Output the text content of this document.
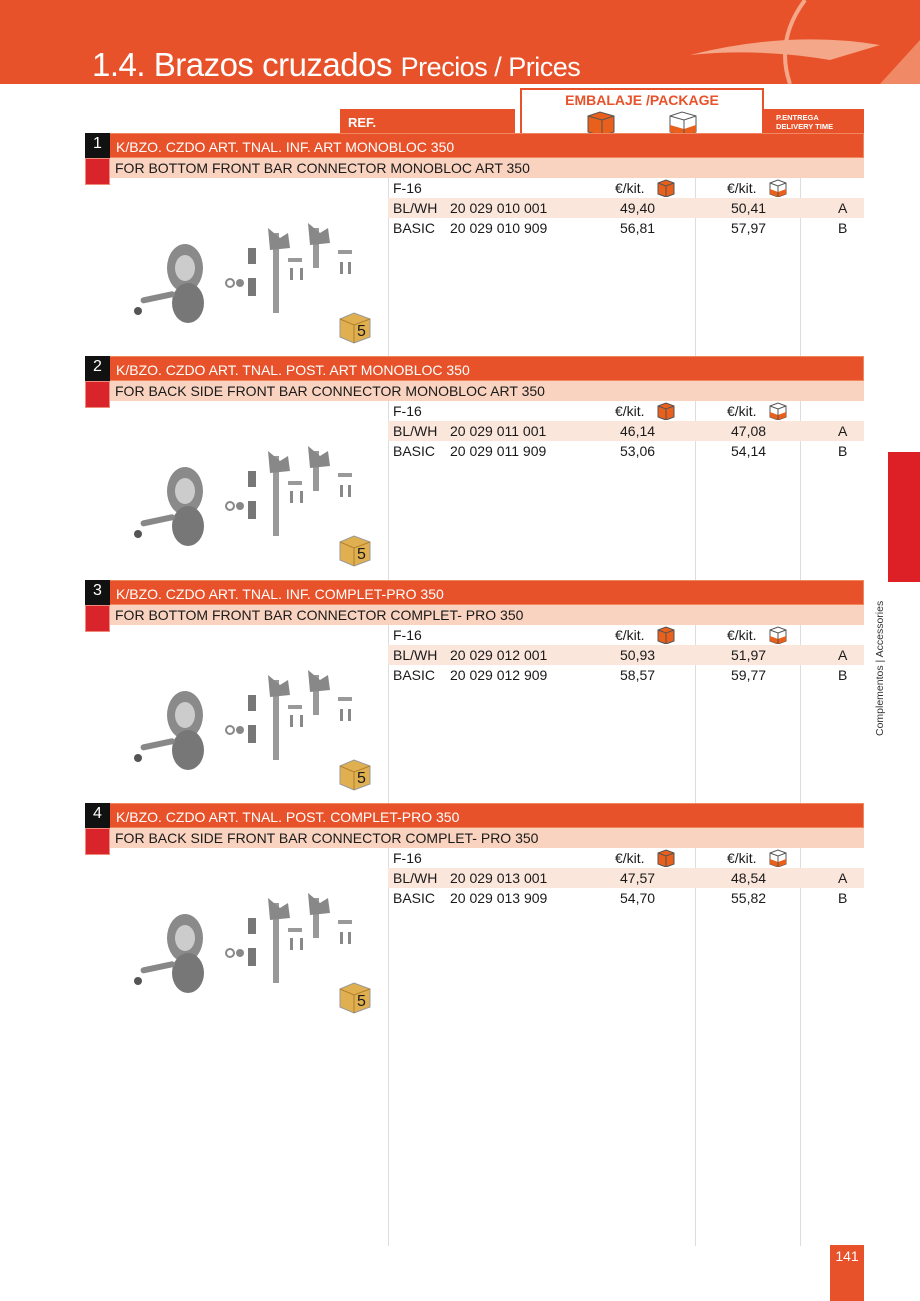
1.4. Brazos cruzados Precios / Prices
REF.
EMBALAJE /PACKAGE
P.ENTREGA
DELIVERY TIME
K/BZO. CZDO ART. TNAL. INF. ART MONOBLOC 350
1
FOR BOTTOM FRONT BAR CONNECTOR MONOBLOC ART 350
F-16	€/kit.	€/kit.
BL/WH 20 029 010 001	49,40	50,41	A
BASIC 20 029 010 909	56,81	57,97	B
5
K/BZO. CZDO ART. TNAL. POST. ART MONOBLOC 350
2
FOR BACK SIDE FRONT BAR CONNECTOR MONOBLOC ART 350
F-16	€/kit.	€/kit.
BL/WH 20 029 011 001	46,14	47,08	A
BASIC 20 029 011 909	53,06	54,14	B
5
K/BZO. CZDO ART. TNAL. INF. COMPLET-PRO 350
3
FOR BOTTOM FRONT BAR CONNECTOR COMPLET- PRO 350
F-16	€/kit.	€/kit.
BL/WH 20 029 012 001	50,93	51,97	A
BASIC 20 029 012 909	58,57	59,77	B
5
K/BZO. CZDO ART. TNAL. POST. COMPLET-PRO 350
4
FOR BACK SIDE FRONT BAR CONNECTOR COMPLET- PRO 350
F-16	€/kit.	€/kit.
BL/WH 20 029 013 001	47,57	48,54	A
BASIC 20 029 013 909	54,70	55,82	B
5
Complementos | Accessories
141
